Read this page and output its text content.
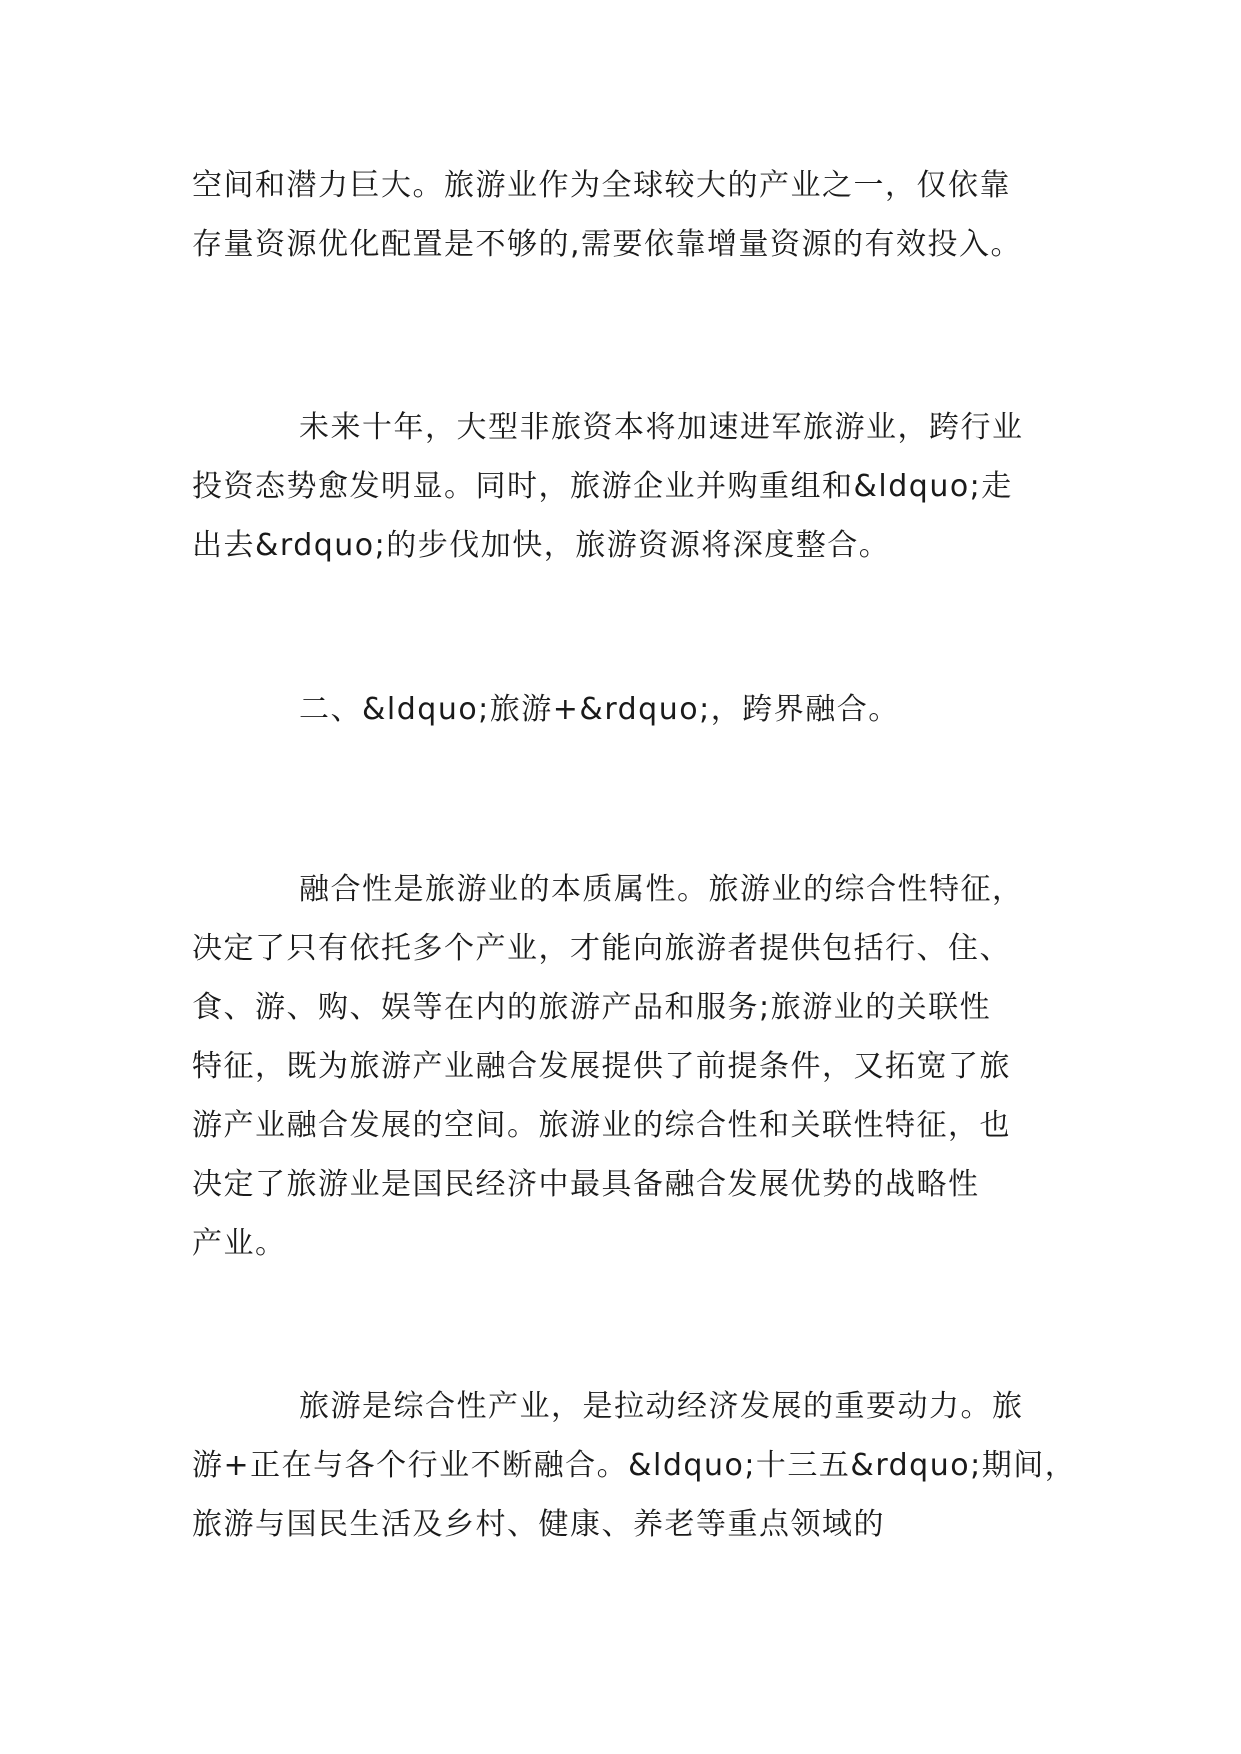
空间和潜力巨大。旅游业作为全球较大的产业之一，仅依靠
存量资源优化配置是不够的,需要依靠增量资源的有效投入。
未来十年，大型非旅资本将加速进军旅游业，跨行业
投资态势愈发明显。同时，旅游企业并购重组和&ldquo;走
出去&rdquo;的步伐加快，旅游资源将深度整合。
二、&ldquo;旅游+&rdquo;，跨界融合。
融合性是旅游业的本质属性。旅游业的综合性特征，
决定了只有依托多个产业，才能向旅游者提供包括行、住、
食、游、购、娱等在内的旅游产品和服务;旅游业的关联性
特征，既为旅游产业融合发展提供了前提条件，又拓宽了旅
游产业融合发展的空间。旅游业的综合性和关联性特征，也
决定了旅游业是国民经济中最具备融合发展优势的战略性
产业。
旅游是综合性产业，是拉动经济发展的重要动力。旅
游+正在与各个行业不断融合。&ldquo;十三五&rdquo;期间，
旅游与国民生活及乡村、健康、养老等重点领域的
